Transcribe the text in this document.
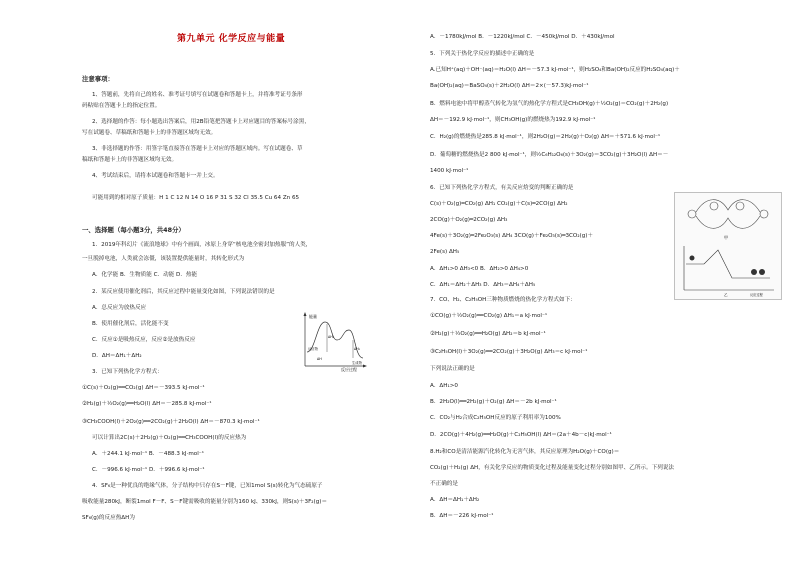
第九单元 化学反应与能量
注意事项：
1、答题前，先将自己的姓名、准考证号填写在试题卷和答题卡上，并将准考证号条形
码粘贴在答题卡上的指定位置。
2、选择题的作答：每小题选出答案后，用2B铅笔把答题卡上对应题目的答案标号涂黑，
写在试题卷、草稿纸和答题卡上的非答题区域均无效。
3、非选择题的作答：用签字笔直接答在答题卡上对应的答题区域内。写在试题卷、草
稿纸和答题卡上的非答题区域均无效。
4、考试结束后，请将本试题卷和答题卡一并上交。
可能用到的相对原子质量：H 1 C 12 N 14 O 16 P 31 S 32 Cl 35.5 Cu 64 Zn 65
一、选择题（每小题3分，共48分）
1．2019年科幻片《流浪地球》中有个画面，冰原上身穿“核电池全密封加热服”的人类，
一旦脱掉电池，人类就会冻僵，该装置提供能量时，其转化形式为
A．化学能 B．生物质能 C．动能 D．热能
2．某反应使用催化剂后，其反应过程中能量变化如图，下列说法错误的是
A．总反应为放热反应
B．使用催化剂后，活化能不变
C．反应①是吸热反应，反应②是放热反应
D．ΔH＝ΔH₁＋ΔH₂
能量
反应过程
反应物
生成物
ΔH₁
ΔH₂
ΔH
3．已知下列热化学方程式：
①C(s)＋O₂(g)══CO₂(g) ΔH＝－393.5 kJ·mol⁻¹
②H₂(g)＋½O₂(g)══H₂O(l) ΔH＝－285.8 kJ·mol⁻¹
③CH₃COOH(l)＋2O₂(g)══2CO₂(g)＋2H₂O(l) ΔH＝－870.3 kJ·mol⁻¹
可以计算出2C(s)＋2H₂(g)＋O₂(g)══CH₃COOH(l)的反应热为
A．＋244.1 kJ·mol⁻¹ B．－488.3 kJ·mol⁻¹
C．－996.6 kJ·mol⁻¹ D．＋996.6 kJ·mol⁻¹
4．SF₆是一种优良的绝缘气体，分子结构中只存在S－F键，已知1mol S(s)转化为气态硫原子
吸收能量280kJ，断裂1mol F－F、S－F键需吸收的能量分别为160 kJ、330kJ，则S(s)＋3F₂(g)＝
SF₆(g)的反应热ΔH为
A．－1780kJ/mol B．－1220kJ/mol C．－450kJ/mol D．＋430kJ/mol
5．下列关于热化学反应的描述中正确的是
A.已知H⁺(aq)＋OH⁻(aq)＝H₂O(l) ΔH＝－57.3 kJ·mol⁻¹，则H₂SO₄和Ba(OH)₂反应的H₂SO₄(aq)＋
Ba(OH)₂(aq)＝BaSO₄(s)＋2H₂O(l) ΔH＝2×(－57.3)kJ·mol⁻¹
B．燃料电池中将甲醇蒸气转化为氢气的热化学方程式是CH₃OH(g)＋½O₂(g)＝CO₂(g)＋2H₂(g)
ΔH＝－192.9 kJ·mol⁻¹，则CH₃OH(g)的燃烧热为192.9 kJ·mol⁻¹
C．H₂(g)的燃烧热是285.8 kJ·mol⁻¹，则2H₂O(g)＝2H₂(g)＋O₂(g) ΔH＝＋571.6 kJ·mol⁻¹
D．葡萄糖的燃烧热是2 800 kJ·mol⁻¹，则½C₆H₁₂O₆(s)＋3O₂(g)＝3CO₂(g)＋3H₂O(l) ΔH＝－
1400 kJ·mol⁻¹
6．已知下列热化学方程式，有关反应焓变的判断正确的是
C(s)＋O₂(g)═CO₂(g) ΔH₁ CO₂(g)＋C(s)═2CO(g) ΔH₂
2CO(g)＋O₂(g)═2CO₂(g) ΔH₃
4Fe(s)＋3O₂(g)═2Fe₂O₃(s) ΔH₄ 3CO(g)＋Fe₂O₃(s)═3CO₂(g)＋
2Fe(s) ΔH₅
A．ΔH₁>0 ΔH₃<0 B．ΔH₂>0 ΔH₄>0
C．ΔH₁＝ΔH₂＋ΔH₃ D．ΔH₃＝ΔH₄＋ΔH₅
7．CO、H₂、C₂H₅OH三种物质燃烧的热化学方程式如下：
①CO(g)＋½O₂(g)══CO₂(g) ΔH₁＝a kJ·mol⁻¹
②H₂(g)＋½O₂(g)══H₂O(g) ΔH₂＝b kJ·mol⁻¹
③C₂H₅OH(l)＋3O₂(g)══2CO₂(g)＋3H₂O(g) ΔH₃＝c kJ·mol⁻¹
下列说法正确的是
A．ΔH₁>0
B．2H₂O(l)══2H₂(g)＋O₂(g) ΔH＝－2b kJ·mol⁻¹
C．CO₂与H₂合成C₂H₅OH反应的原子利用率为100%
D．2CO(g)＋4H₂(g)══H₂O(g)＋C₂H₅OH(l) ΔH＝(2a＋4b－c)kJ·mol⁻¹
8.H₂和CO是清洁能源汽化转化为无害气体，其反应原理为H₂O(g)＋CO(g)＝
CO₂(g)＋H₂(g) ΔH，有关化学反应的物质变化过程及能量变化过程分别如图甲、乙所示。下列说法
不正确的是
A．ΔH＝ΔH₁＋ΔH₂
B．ΔH＝－226 kJ·mol⁻¹
甲
乙	反应过程
